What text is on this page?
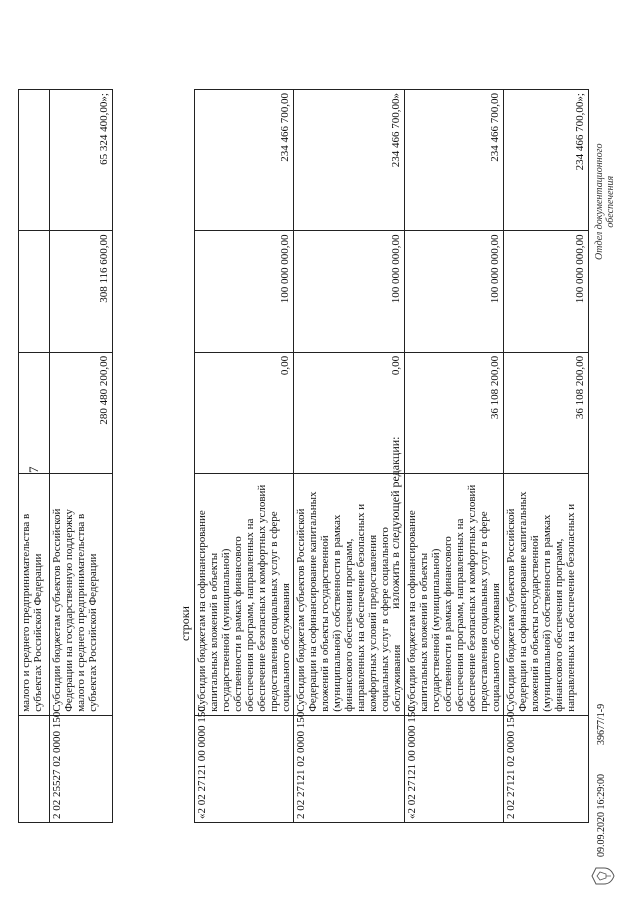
7
	малого и среднего предпринимательства в субъектах Российской Федерации			
2 02 25527 02 0000 150	Субсидии бюджетам субъектов Российской Федерации на государственную поддержку малого и среднего предпринимательства в субъектах Российской Федерации	280 480 200,00	308 116 600,00	65 324 400,00»;
строки
«2 02 27121 00 0000 150	Субсидии бюджетам на софинансирование капитальных вложений в объекты государственной (муниципальной) собственности в рамках финансового обеспечения программ, направленных на обеспечение безопасных и комфортных условий предоставления социальных услуг в сфере социального обслуживания	0,00	100 000 000,00	234 466 700,00
2 02 27121 02 0000 150	Субсидии бюджетам субъектов Российской Федерации на софинансирование капитальных вложений в объекты государственной (муниципальной) собственности в рамках финансового обеспечения программ, направленных на обеспечение безопасных и комфортных условий предоставления социальных услуг в сфере социального обслуживания	0,00	100 000 000,00	234 466 700,00»
изложить в следующей редакции:
«2 02 27121 00 0000 150	Субсидии бюджетам на софинансирование капитальных вложений в объекты государственной (муниципальной) собственности в рамках финансового обеспечения программ, направленных на обеспечение безопасных и комфортных условий предоставления социальных услуг в сфере социального обслуживания	36 108 200,00	100 000 000,00	234 466 700,00
2 02 27121 02 0000 150	Субсидии бюджетам субъектов Российской Федерации на софинансирование капитальных вложений в объекты государственной (муниципальной) собственности в рамках финансового обеспечения программ, направленных на обеспечение безопасных и	36 108 200,00	100 000 000,00	234 466 700,00»;
09.09.2020 16:29:00
39677/1-9
Отдел документационного обеспечения
